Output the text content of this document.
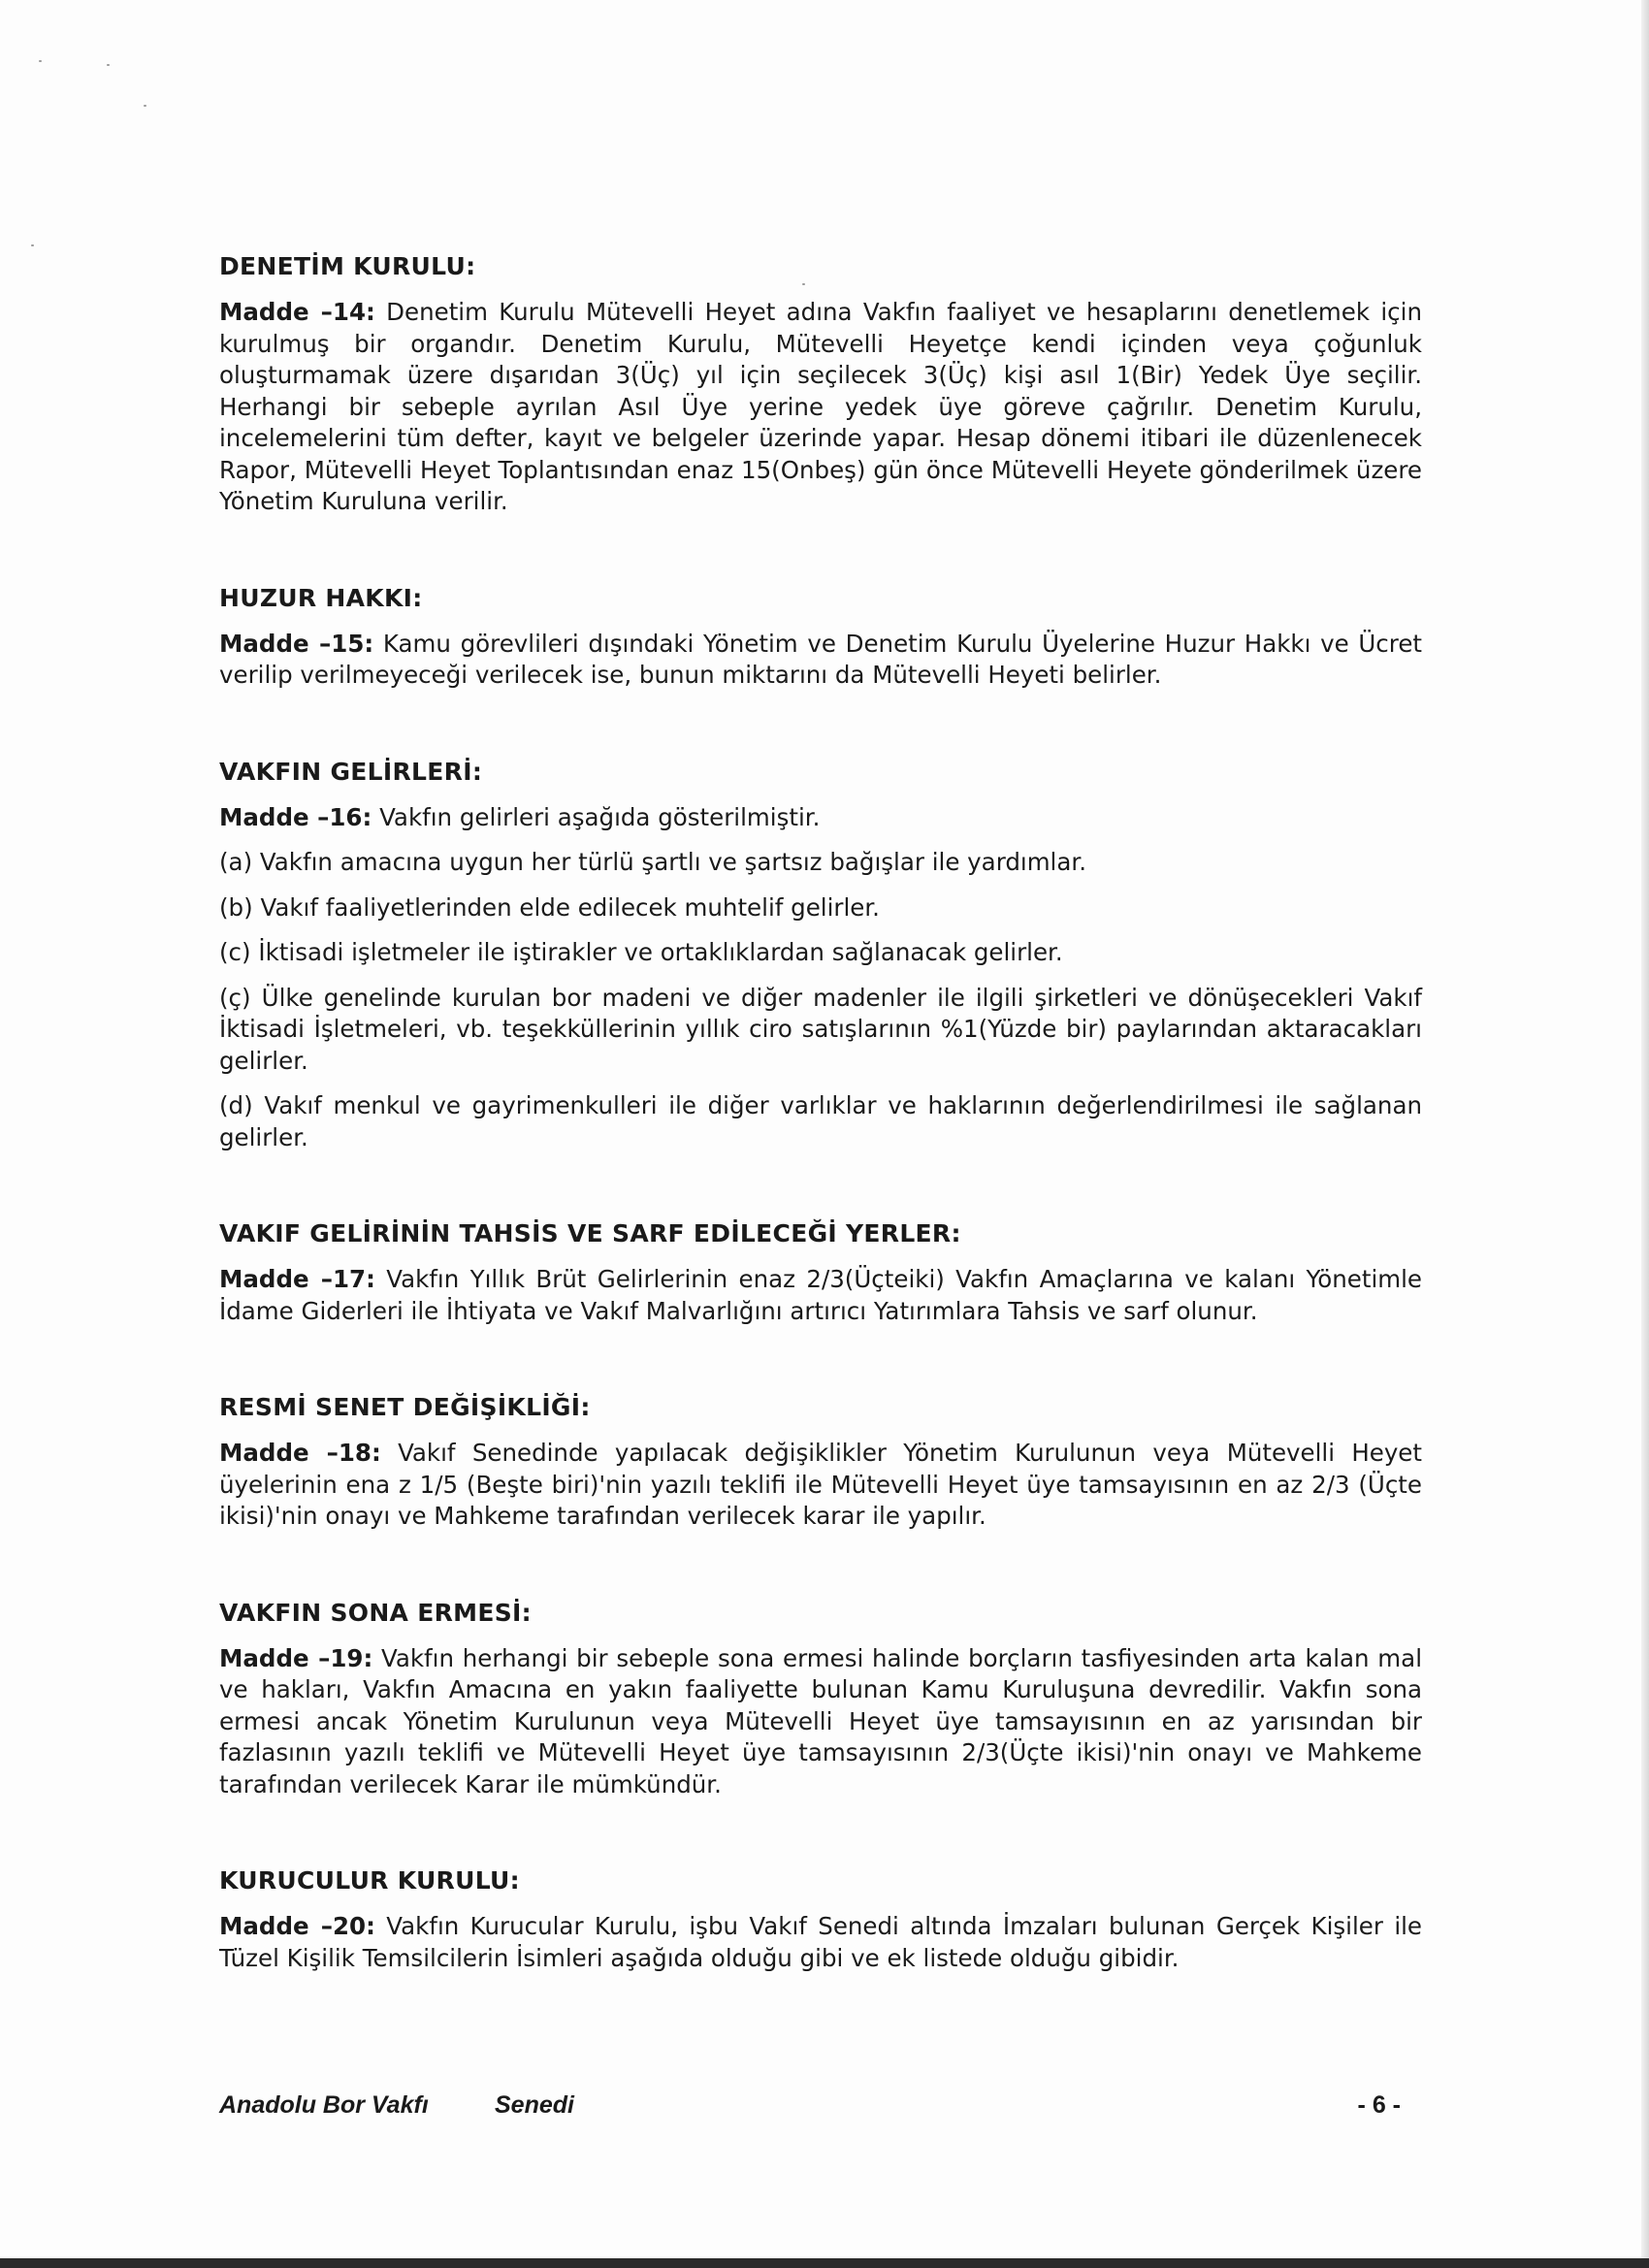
DENETİM KURULU:

Madde –14: Denetim Kurulu Mütevelli Heyet adına Vakfın faaliyet ve hesaplarını denetlemek için kurulmuş bir organdır. Denetim Kurulu, Mütevelli Heyetçe kendi içinden veya çoğunluk oluşturmamak üzere dışarıdan 3(Üç) yıl için seçilecek 3(Üç) kişi asıl 1(Bir) Yedek Üye seçilir. Herhangi bir sebeple ayrılan Asıl Üye yerine yedek üye göreve çağrılır. Denetim Kurulu, incelemelerini tüm defter, kayıt ve belgeler üzerinde yapar. Hesap dönemi itibari ile düzenlenecek Rapor, Mütevelli Heyet Toplantısından enaz 15(Onbeş) gün önce Mütevelli Heyete gönderilmek üzere Yönetim Kuruluna verilir.

HUZUR HAKKI:

Madde –15: Kamu görevlileri dışındaki Yönetim ve Denetim Kurulu Üyelerine Huzur Hakkı ve Ücret verilip verilmeyeceği verilecek ise, bunun miktarını da Mütevelli Heyeti belirler.

VAKFIN GELİRLERİ:

Madde –16: Vakfın gelirleri aşağıda gösterilmiştir.

(a) Vakfın amacına uygun her türlü şartlı ve şartsız bağışlar ile yardımlar.

(b) Vakıf faaliyetlerinden elde edilecek muhtelif gelirler.

(c) İktisadi işletmeler ile iştirakler ve ortaklıklardan sağlanacak gelirler.

(ç) Ülke genelinde kurulan bor madeni ve diğer madenler ile ilgili şirketleri ve dönüşecekleri Vakıf İktisadi İşletmeleri, vb. teşekküllerinin yıllık ciro satışlarının %1(Yüzde bir) paylarından aktaracakları gelirler.

(d) Vakıf menkul ve gayrimenkulleri ile diğer varlıklar ve haklarının değerlendirilmesi ile sağlanan gelirler.

VAKIF GELİRİNİN TAHSİS VE SARF EDİLECEĞİ YERLER:

Madde –17: Vakfın Yıllık Brüt Gelirlerinin enaz 2/3(Üçteiki) Vakfın Amaçlarına ve kalanı Yönetimle İdame Giderleri ile İhtiyata ve Vakıf Malvarlığını artırıcı Yatırımlara Tahsis ve sarf olunur.

RESMİ SENET DEĞİŞİKLİĞİ:

Madde –18: Vakıf Senedinde yapılacak değişiklikler Yönetim Kurulunun veya Mütevelli Heyet üyelerinin ena z 1/5 (Beşte biri)'nin yazılı teklifi ile Mütevelli Heyet üye tamsayısının en az 2/3 (Üçte ikisi)'nin onayı ve Mahkeme tarafından verilecek karar ile yapılır.

VAKFIN SONA ERMESİ:

Madde –19: Vakfın herhangi bir sebeple sona ermesi halinde borçların tasfiyesinden arta kalan mal ve hakları, Vakfın Amacına en yakın faaliyette bulunan Kamu Kuruluşuna devredilir. Vakfın sona ermesi ancak Yönetim Kurulunun veya Mütevelli Heyet üye tamsayısının en az yarısından bir fazlasının yazılı teklifi ve Mütevelli Heyet üye tamsayısının 2/3(Üçte ikisi)'nin onayı ve Mahkeme tarafından verilecek Karar ile mümkündür.

KURUCULUR KURULU:

Madde –20: Vakfın Kurucular Kurulu, işbu Vakıf Senedi altında İmzaları bulunan Gerçek Kişiler ile Tüzel Kişilik Temsilcilerin İsimleri aşağıda olduğu gibi ve ek listede olduğu gibidir.

Anadolu Bor Vakfı	Senedi	- 6 -
